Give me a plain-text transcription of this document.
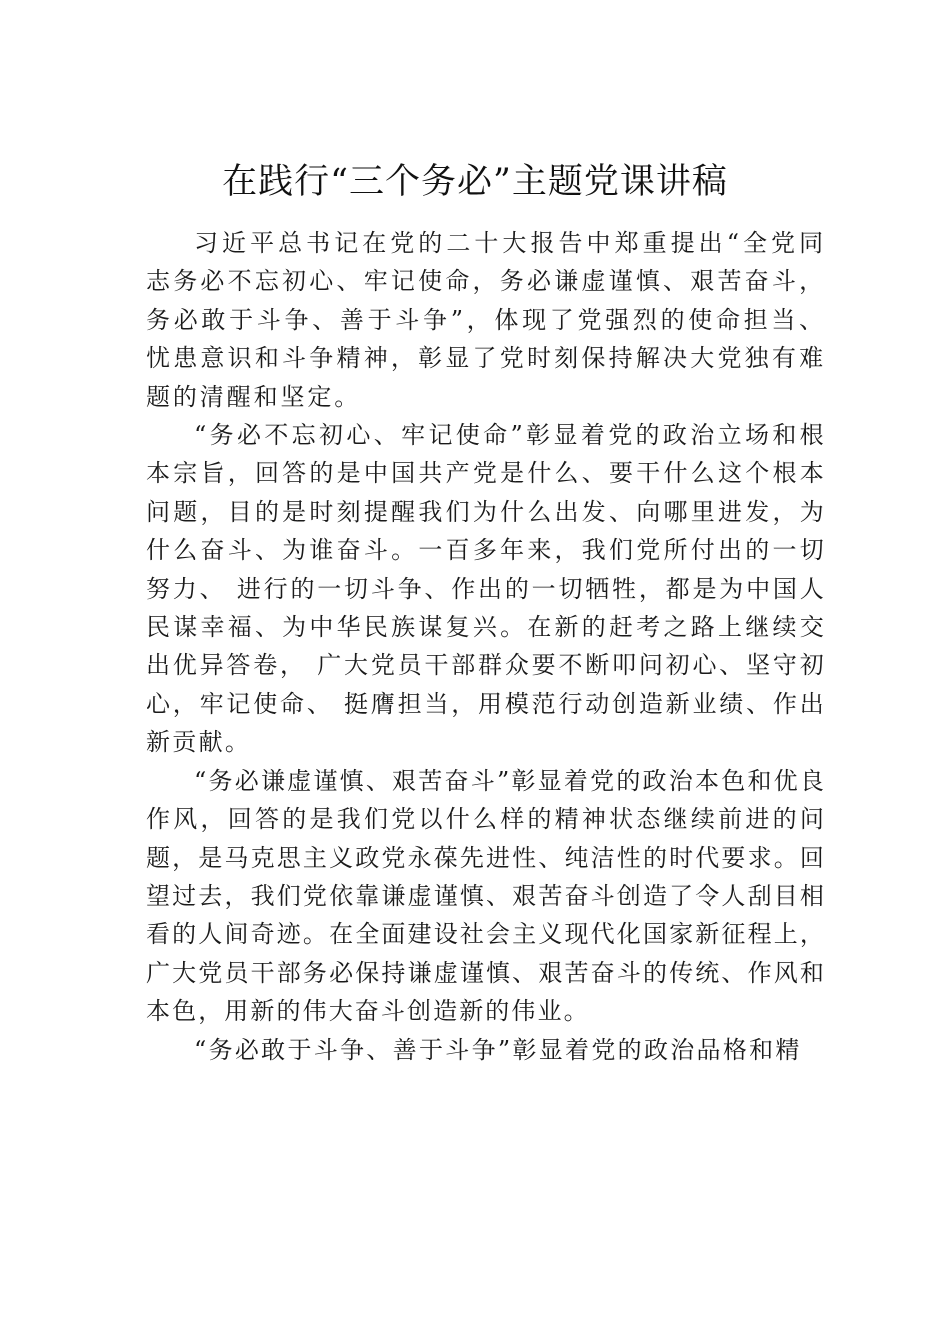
在践行“三个务必”主题党课讲稿

习近平总书记在党的二十大报告中郑重提出“全党同志务必不忘初心、牢记使命，务必谦虚谨慎、艰苦奋斗，务必敢于斗争、善于斗争”，体现了党强烈的使命担当、忧患意识和斗争精神，彰显了党时刻保持解决大党独有难题的清醒和坚定。

“务必不忘初心、牢记使命”彰显着党的政治立场和根本宗旨，回答的是中国共产党是什么、要干什么这个根本问题，目的是时刻提醒我们为什么出发、向哪里进发，为什么奋斗、为谁奋斗。一百多年来，我们党所付出的一切努力、 进行的一切斗争、作出的一切牺牲，都是为中国人民谋幸福、为中华民族谋复兴。在新的赶考之路上继续交出优异答卷， 广大党员干部群众要不断叩问初心、坚守初心，牢记使命、 挺膺担当，用模范行动创造新业绩、作出新贡献。

“务必谦虚谨慎、艰苦奋斗”彰显着党的政治本色和优良作风，回答的是我们党以什么样的精神状态继续前进的问题，是马克思主义政党永葆先进性、纯洁性的时代要求。回望过去，我们党依靠谦虚谨慎、艰苦奋斗创造了令人刮目相看的人间奇迹。在全面建设社会主义现代化国家新征程上， 广大党员干部务必保持谦虚谨慎、艰苦奋斗的传统、作风和本色，用新的伟大奋斗创造新的伟业。

“务必敢于斗争、善于斗争”彰显着党的政治品格和精
